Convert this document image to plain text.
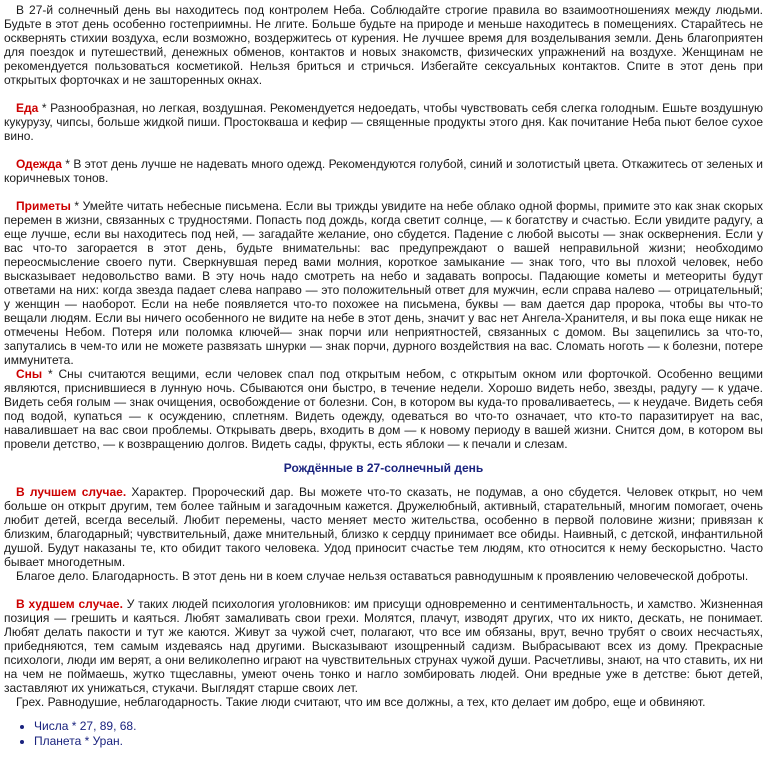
В 27-й солнечный день вы находитесь под контролем Неба. Соблюдайте строгие правила во взаимоотношениях между людьми. Будьте в этот день особенно гостеприимны. Не лгите. Больше будьте на природе и меньше находитесь в помещениях. Старайтесь не осквернять стихии воздуха, если возможно, воздержитесь от курения. Не лучшее время для возделывания земли. День благоприятен для поездок и путешествий, денежных обменов, контактов и новых знакомств, физических упражнений на воздухе. Женщинам не рекомендуется пользоваться косметикой. Нельзя бриться и стричься. Избегайте сексуальных контактов. Спите в этот день при открытых форточках и не зашторенных окнах.

Еда * Разнообразная, но легкая, воздушная. Рекомендуется недоедать, чтобы чувствовать себя слегка голодным. Ешьте воздушную кукурузу, чипсы, больше жидкой пиши. Простоквашa и кефир — священные продукты этого дня. Как почитание Неба пьют белое сухое вино.

Одежда * В этот день лучше не надевать много одежд. Рекомендуются голубой, синий и золотистый цвета. Откажитесь от зеленых и коричневых тонов.

Приметы * Умейте читать небесные письмена. Если вы трижды увидите на небе облако одной формы, примите это как знак скорых перемен в жизни, связанных с трудностями. Попасть под дождь, когда светит солнце, — к богатству и счастью. Если увидите радугу, а еще лучше, если вы находитесь под ней, — загадайте желание, оно сбудется. Падение с любой высоты — знак осквернения. Если у вас что-то загорается в этот день, будьте внимательны: вас предупреждают о вашей неправильной жизни; необходимо переосмысление своего пути. Сверкнувшая перед вами молния, короткое замыкание — знак того, что вы плохой человек, небо высказывает недовольство вами. В эту ночь надо смотреть на небо и задавать вопросы. Падающие кометы и метеориты будут ответами на них: когда звезда падает слева направо — это положительный ответ для мужчин, если справа налево — отрицательный; у женщин — наоборот. Если на небе появляется что-то похожее на письмена, буквы — вам дается дар пророка, чтобы вы что-то вещали людям. Если вы ничего особенного не видите на небе в этот день, значит у вас нет Ангела-Хранителя, и вы пока еще никак не отмечены Небом. Потеря или поломка ключей— знак порчи или неприятностей, связанных с домом. Вы зацепились за что-то, запутались в чем-то или не можете развязать шнурки — знак порчи, дурного воздействия на вас. Сломать ноготь — к болезни, потере иммунитета.

Сны * Сны считаются вещими, если человек спал под открытым небом, с открытым окном или форточкой. Особенно вещими являются, приснившиеся в лунную ночь. Сбываются они быстро, в течение недели. Хорошо видеть небо, звезды, радугу — к удаче. Видеть себя голым — знак очищения, освобождение от болезни. Сон, в котором вы куда-то проваливаетесь, — к неудаче. Видеть себя под водой, купаться — к осуждению, сплетням. Видеть одежду, одеваться во что-то означает, что кто-то паразитирует на вас, навалившает на вас свои проблемы. Открывать дверь, входить в дом — к новому периоду в вашей жизни. Снится дом, в котором вы провели детство, — к возвращению долгов. Видеть сады, фрукты, есть яблоки — к печали и слезам.

Рождённые в 27-солнечный день

В лучшем случае. Характер. Пророческий дар. Вы можете что-то сказать, не подумав, а оно сбудется. Человек открыт, но чем больше он открыт другим, тем более тайным и загадочным кажется. Дружелюбный, активный, старательный, многим помогает, очень любит детей, всегда веселый. Любит перемены, часто меняет место жительства, особенно в первой половине жизни; привязан к близким, благодарный; чувствительный, даже мнительный, близко к сердцу принимает все обиды. Наивный, с детской, инфантильной душой. Будут наказаны те, кто обидит такого человека. Удод приносит счастье тем людям, кто относится к нему бескорыстно. Часто бывает многодетным.

Благое дело. Благодарность. В этот день ни в коем случае нельзя оставаться равнодушным к проявлению человеческой доброты.

В худшем случае. У таких людей психология уголовников: им присущи одновременно и сентиментальность, и хамство. Жизненная позиция — грешить и каяться. Любят замаливать свои грехи. Молятся, плачут, изводят других, что их никто, дескать, не понимает. Любят делать пакости и тут же каются. Живут за чужой счет, полагают, что все им обязаны, врут, вечно трубят о своих несчастьях, прибедняются, тем самым издеваясь над другими. Высказывают изощренный садизм. Выбрасывают всех из дому. Прекрасные психологи, люди им верят, а они великолепно играют на чувствительных струнах чужой души. Расчетливы, знают, на что ставить, их ни на чем не поймаешь, жутко тщеславны, умеют очень тонко и нагло зомбировать людей. Они вредные уже в детстве: бьют детей, заставляют их унижаться, стукачи. Выглядят старше своих лет.

Грех. Равнодушие, неблагодарность. Такие люди считают, что им все должны, а тех, кто делает им добро, еще и обвиняют.

• Числа * 27, 89, 68.
• Планета * Уран.
